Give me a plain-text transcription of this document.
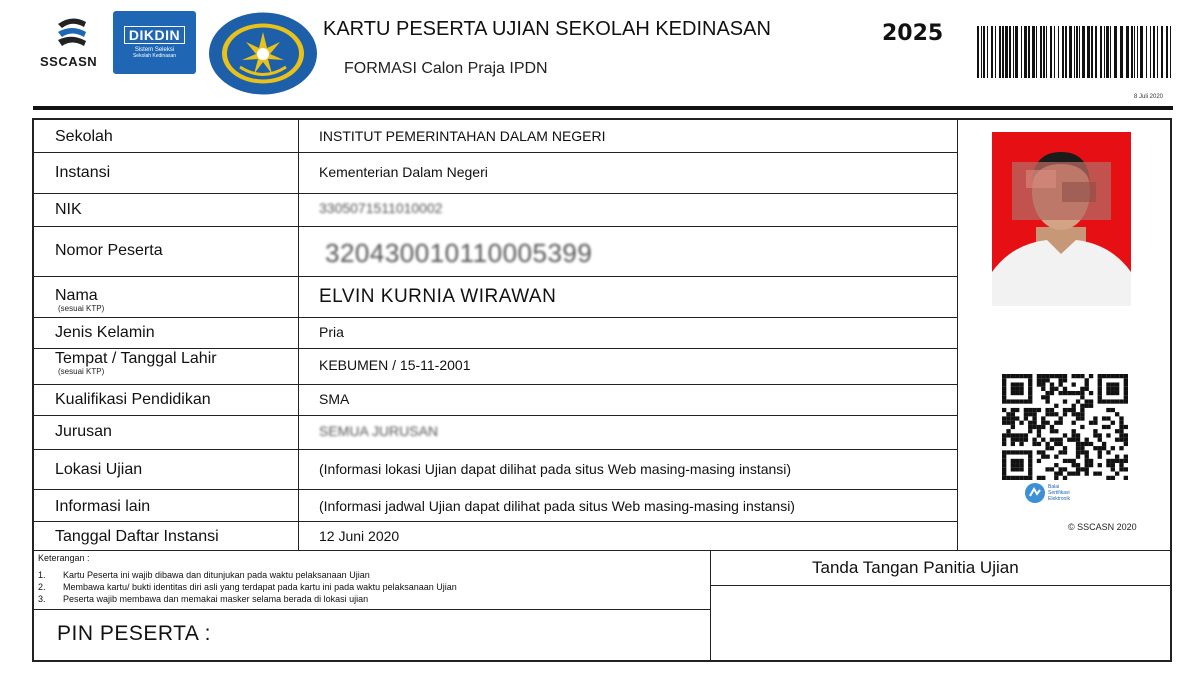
SSCASN
DIKDIN
Sistem Seleksi
Sekolah Kedinasan
KARTU PESERTA UJIAN SEKOLAH KEDINASAN	2025
FORMASI Calon Praja IPDN
8 Juli 2020
Sekolah
Instansi
NIK
Nomor Peserta
Nama
(sesuai KTP)
Jenis Kelamin
Tempat / Tanggal Lahir
(sesuai KTP)
Kualifikasi Pendidikan
Jurusan
Lokasi Ujian
Informasi lain
Tanggal Daftar Instansi
INSTITUT PEMERINTAHAN DALAM NEGERI
Kementerian Dalam Negeri
330507151101000​2
320430010110005399
ELVIN KURNIA WIRAWAN
Pria
KEBUMEN / 15-11-2001
SMA
SEMUA JURUSAN
(Informasi lokasi Ujian dapat dilihat pada situs Web masing-masing instansi)
(Informasi jadwal Ujian dapat dilihat pada situs Web masing-masing instansi)
12 Juni 2020
Balai
Sertifikasi
Elektronik
© SSCASN 2020
Keterangan :
1. Kartu Peserta ini wajib dibawa dan ditunjukan pada waktu pelaksanaan Ujian
2. Membawa kartu/ bukti identitas diri asli yang terdapat pada kartu ini pada waktu pelaksanaan Ujian
3. Peserta wajib membawa dan memakai masker selama berada di lokasi ujian
PIN PESERTA :
Tanda Tangan Panitia Ujian
